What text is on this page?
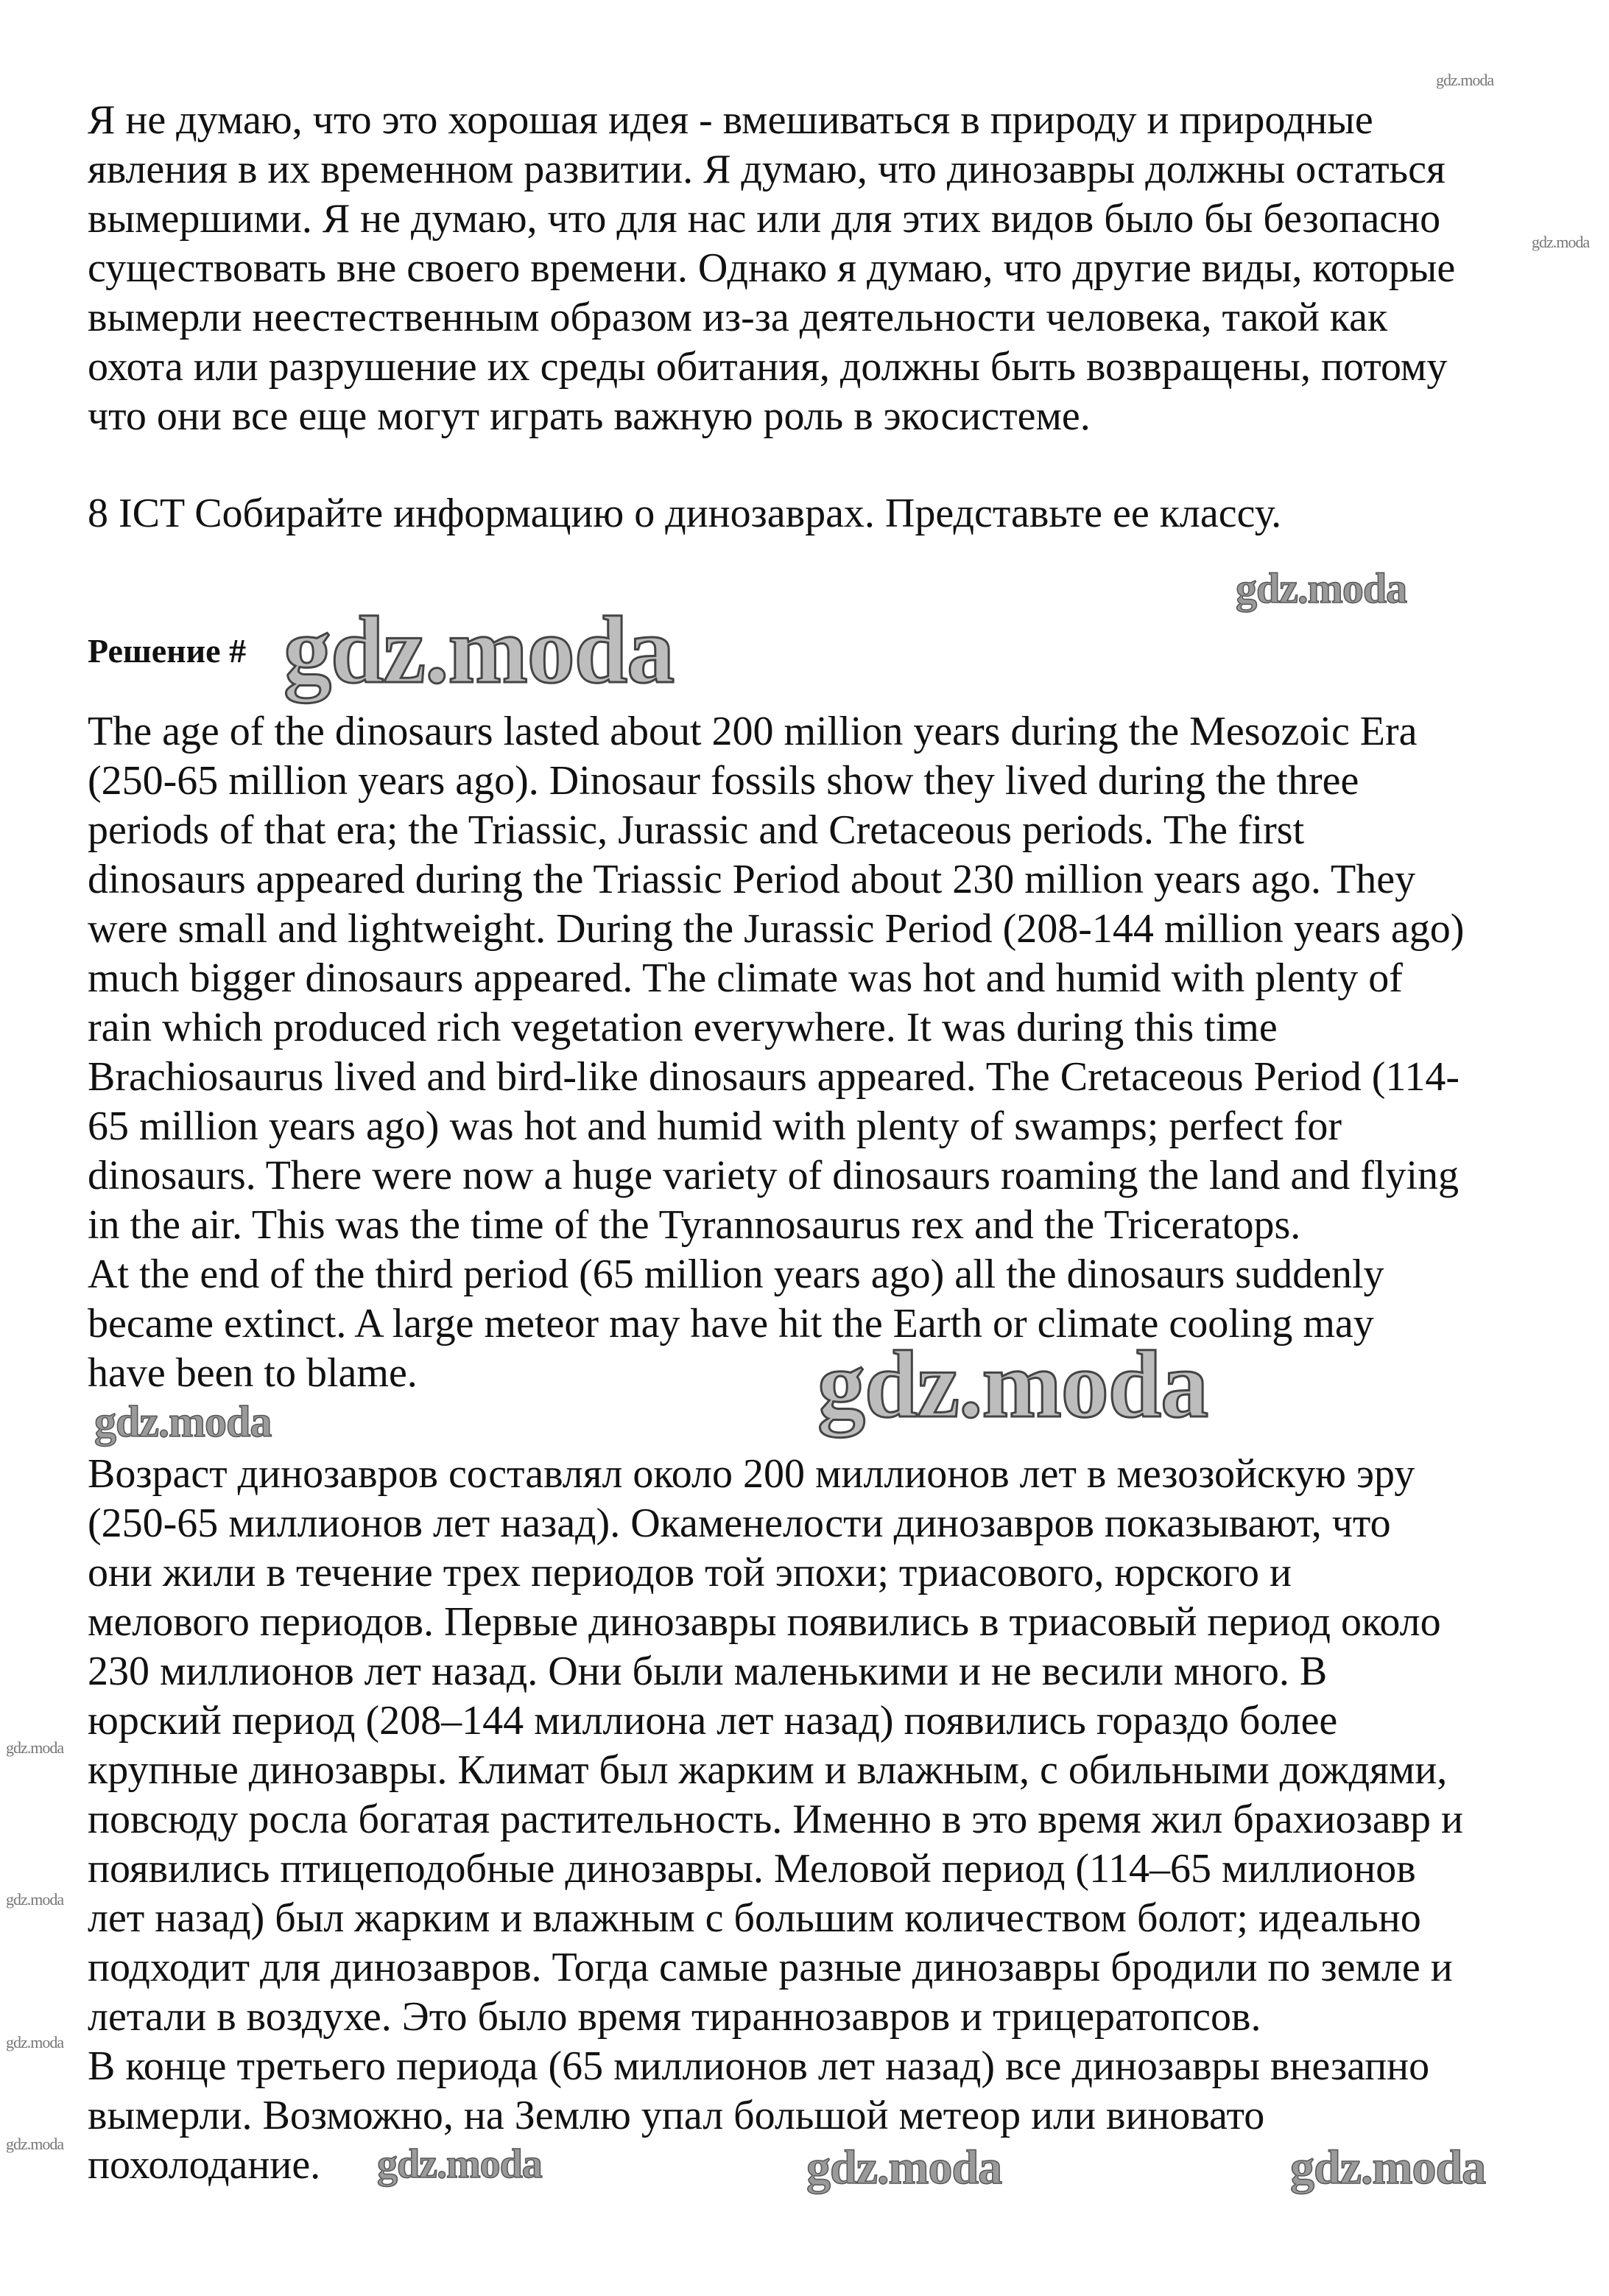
Я не думаю, что это хорошая идея - вмешиваться в природу и природные
явления в их временном развитии. Я думаю, что динозавры должны остаться
вымершими. Я не думаю, что для нас или для этих видов было бы безопасно
существовать вне своего времени. Однако я думаю, что другие виды, которые
вымерли неестественным образом из-за деятельности человека, такой как
охота или разрушение их среды обитания, должны быть возвращены, потому
что они все еще могут играть важную роль в экосистеме.
8 ICT Собирайте информацию о динозаврах. Представьте ее классу.
Решение #
The age of the dinosaurs lasted about 200 million years during the Mesozoic Era
(250-65 million years ago). Dinosaur fossils show they lived during the three
periods of that era; the Triassic, Jurassic and Cretaceous periods. The first
dinosaurs appeared during the Triassic Period about 230 million years ago. They
were small and lightweight. During the Jurassic Period (208-144 million years ago)
much bigger dinosaurs appeared. The climate was hot and humid with plenty of
rain which produced rich vegetation everywhere. It was during this time
Brachiosaurus lived and bird-like dinosaurs appeared. The Cretaceous Period (114-
65 million years ago) was hot and humid with plenty of swamps; perfect for
dinosaurs. There were now a huge variety of dinosaurs roaming the land and flying
in the air. This was the time of the Tyrannosaurus rex and the Triceratops.
At the end of the third period (65 million years ago) all the dinosaurs suddenly
became extinct. A large meteor may have hit the Earth or climate cooling may
have been to blame.
Возраст динозавров составлял около 200 миллионов лет в мезозойскую эру
(250-65 миллионов лет назад). Окаменелости динозавров показывают, что
они жили в течение трех периодов той эпохи; триасового, юрского и
мелового периодов. Первые динозавры появились в триасовый период около
230 миллионов лет назад. Они были маленькими и не весили много. В
юрский период (208–144 миллиона лет назад) появились гораздо более
крупные динозавры. Климат был жарким и влажным, с обильными дождями,
повсюду росла богатая растительность. Именно в это время жил брахиозавр и
появились птицеподобные динозавры. Меловой период (114–65 миллионов
лет назад) был жарким и влажным с большим количеством болот; идеально
подходит для динозавров. Тогда самые разные динозавры бродили по земле и
летали в воздухе. Это было время тираннозавров и трицератопсов.
В конце третьего периода (65 миллионов лет назад) все динозавры внезапно
вымерли. Возможно, на Землю упал большой метеор или виновато
похолодание.
gdz.moda
gdz.moda
gdz.moda
gdz.moda
gdz.moda
gdz.moda
gdz.moda
gdz.moda
gdz.moda
gdz.moda	gdz.moda	gdz.moda	gdz.moda
